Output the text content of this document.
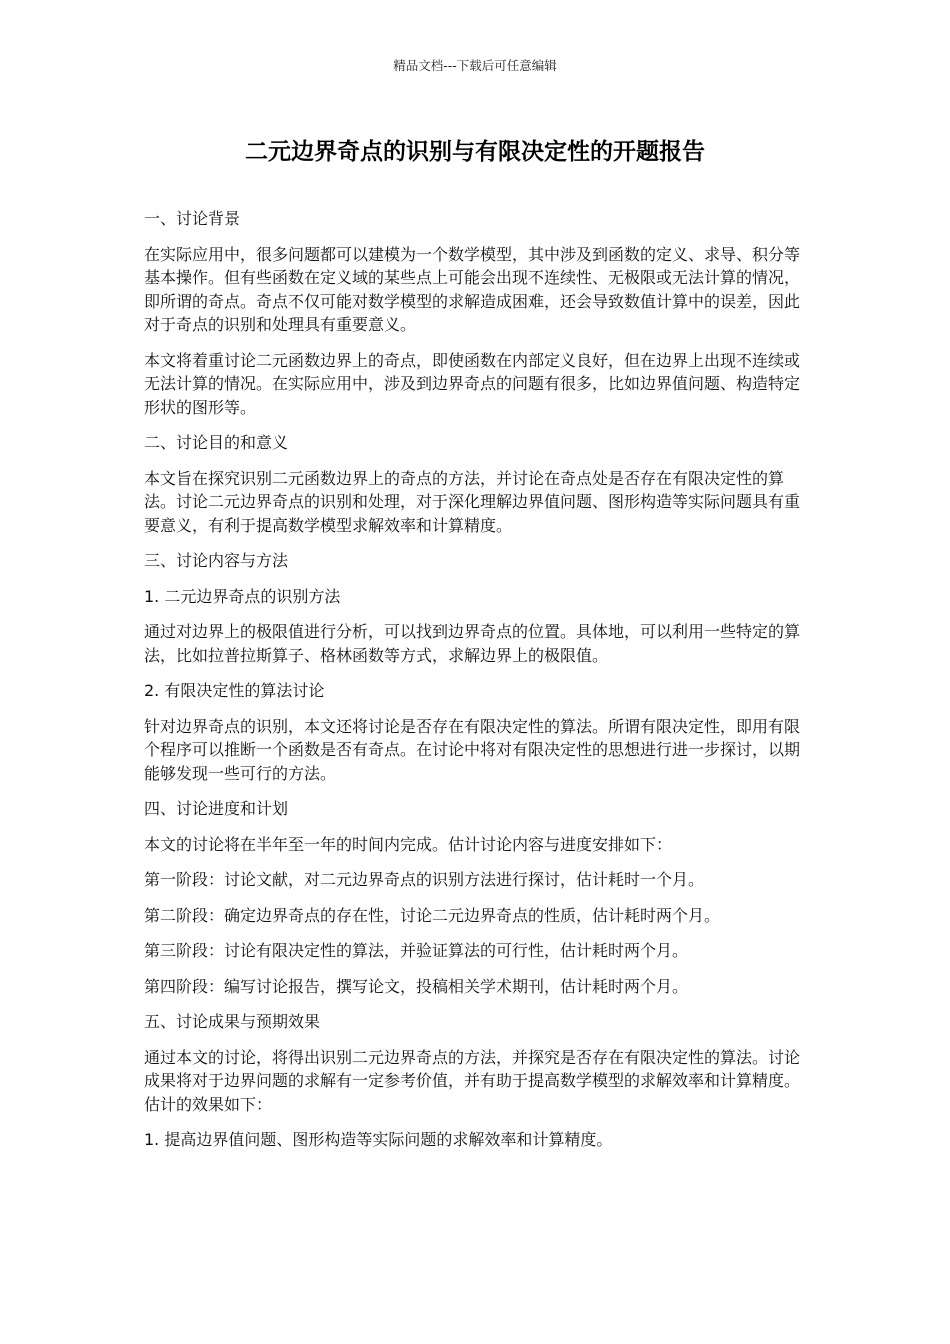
精品文档---下载后可任意编辑
二元边界奇点的识别与有限决定性的开题报告

一、讨论背景

在实际应用中，很多问题都可以建模为一个数学模型，其中涉及到函数的定义、求导、积分等基本操作。但有些函数在定义域的某些点上可能会出现不连续性、无极限或无法计算的情况，即所谓的奇点。奇点不仅可能对数学模型的求解造成困难，还会导致数值计算中的误差，因此对于奇点的识别和处理具有重要意义。

本文将着重讨论二元函数边界上的奇点，即使函数在内部定义良好，但在边界上出现不连续或无法计算的情况。在实际应用中，涉及到边界奇点的问题有很多，比如边界值问题、构造特定形状的图形等。

二、讨论目的和意义

本文旨在探究识别二元函数边界上的奇点的方法，并讨论在奇点处是否存在有限决定性的算法。讨论二元边界奇点的识别和处理，对于深化理解边界值问题、图形构造等实际问题具有重要意义，有利于提高数学模型求解效率和计算精度。

三、讨论内容与方法

1. 二元边界奇点的识别方法

通过对边界上的极限值进行分析，可以找到边界奇点的位置。具体地，可以利用一些特定的算法，比如拉普拉斯算子、格林函数等方式，求解边界上的极限值。

2. 有限决定性的算法讨论

针对边界奇点的识别，本文还将讨论是否存在有限决定性的算法。所谓有限决定性，即用有限个程序可以推断一个函数是否有奇点。在讨论中将对有限决定性的思想进行进一步探讨，以期能够发现一些可行的方法。

四、讨论进度和计划

本文的讨论将在半年至一年的时间内完成。估计讨论内容与进度安排如下：

第一阶段：讨论文献，对二元边界奇点的识别方法进行探讨，估计耗时一个月。

第二阶段：确定边界奇点的存在性，讨论二元边界奇点的性质，估计耗时两个月。

第三阶段：讨论有限决定性的算法，并验证算法的可行性，估计耗时两个月。

第四阶段：编写讨论报告，撰写论文，投稿相关学术期刊，估计耗时两个月。

五、讨论成果与预期效果

通过本文的讨论，将得出识别二元边界奇点的方法，并探究是否存在有限决定性的算法。讨论成果将对于边界问题的求解有一定参考价值，并有助于提高数学模型的求解效率和计算精度。估计的效果如下：

1. 提高边界值问题、图形构造等实际问题的求解效率和计算精度。
